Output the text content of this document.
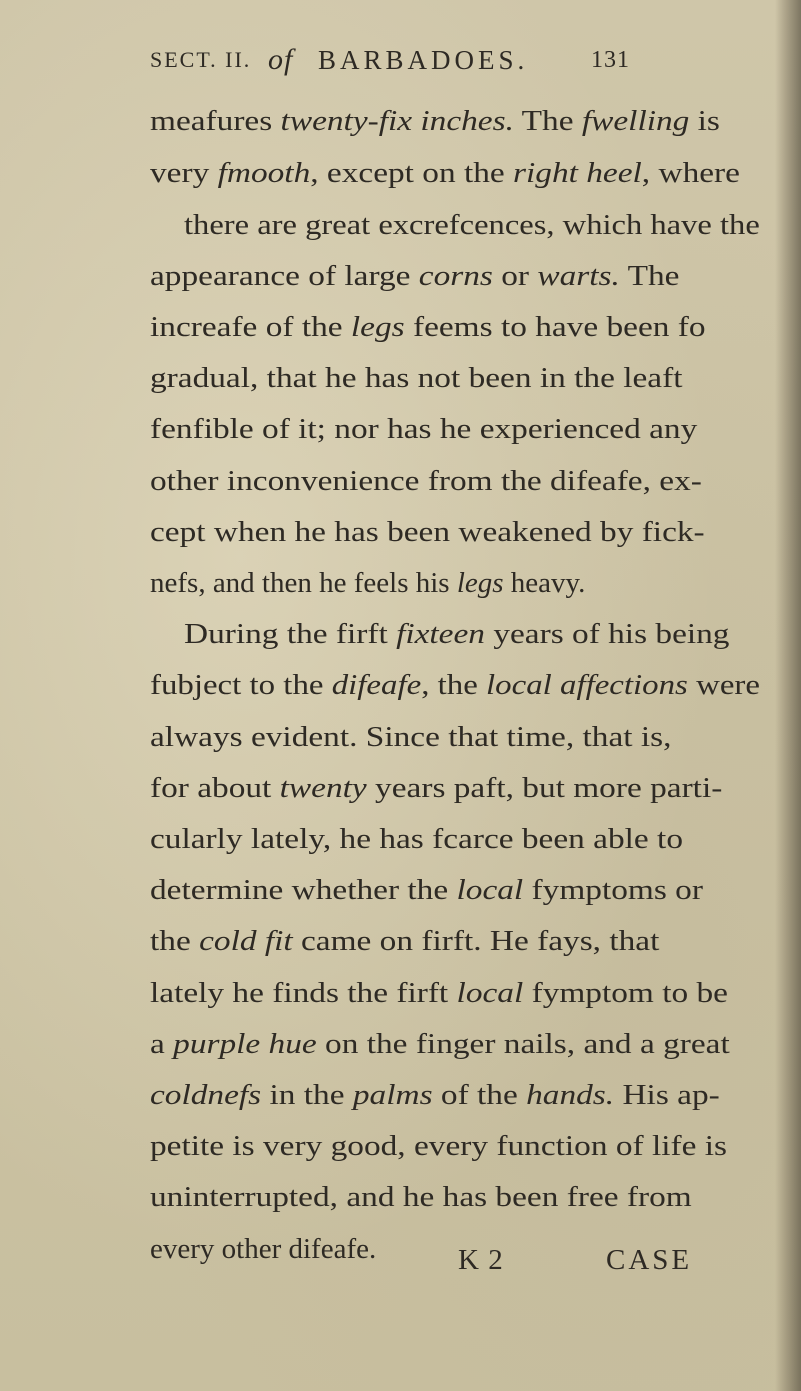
SECT. II. of BARBADOES.	131
meafures twenty-fix inches. The fwelling is
very fmooth, except on the right heel, where
there are great excrefcences, which have the
appearance of large corns or warts. The
increafe of the legs feems to have been fo
gradual, that he has not been in the leaft
fenfible of it; nor has he experienced any
other inconvenience from the difeafe, ex-
cept when he has been weakened by fick-
nefs, and then he feels his legs heavy.
During the firft fixteen years of his being
fubject to the difeafe, the local affections were
always evident. Since that time, that is,
for about twenty years paft, but more parti-
cularly lately, he has fcarce been able to
determine whether the local fymptoms or
the cold fit came on firft. He fays, that
lately he finds the firft local fymptom to be
a purple hue on the finger nails, and a great
coldnefs in the palms of the hands. His ap-
petite is very good, every function of life is
uninterrupted, and he has been free from
every other difeafe.	K 2	CASE
